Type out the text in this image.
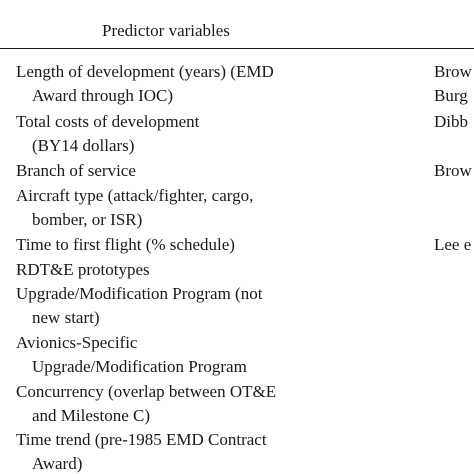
Predictor variables
Length of development (years) (EMD
Award through IOC)
Brow
Burg
Total costs of development
(BY14 dollars)
Dibb
Branch of service	Brow
Aircraft type (attack/fighter, cargo,
bomber, or ISR)
Time to first flight (% schedule)	Lee e
RDT&E prototypes
Upgrade/Modification Program (not
new start)
Avionics-Specific
Upgrade/Modification Program
Concurrency (overlap between OT&E
and Milestone C)
Time trend (pre-1985 EMD Contract
Award)
